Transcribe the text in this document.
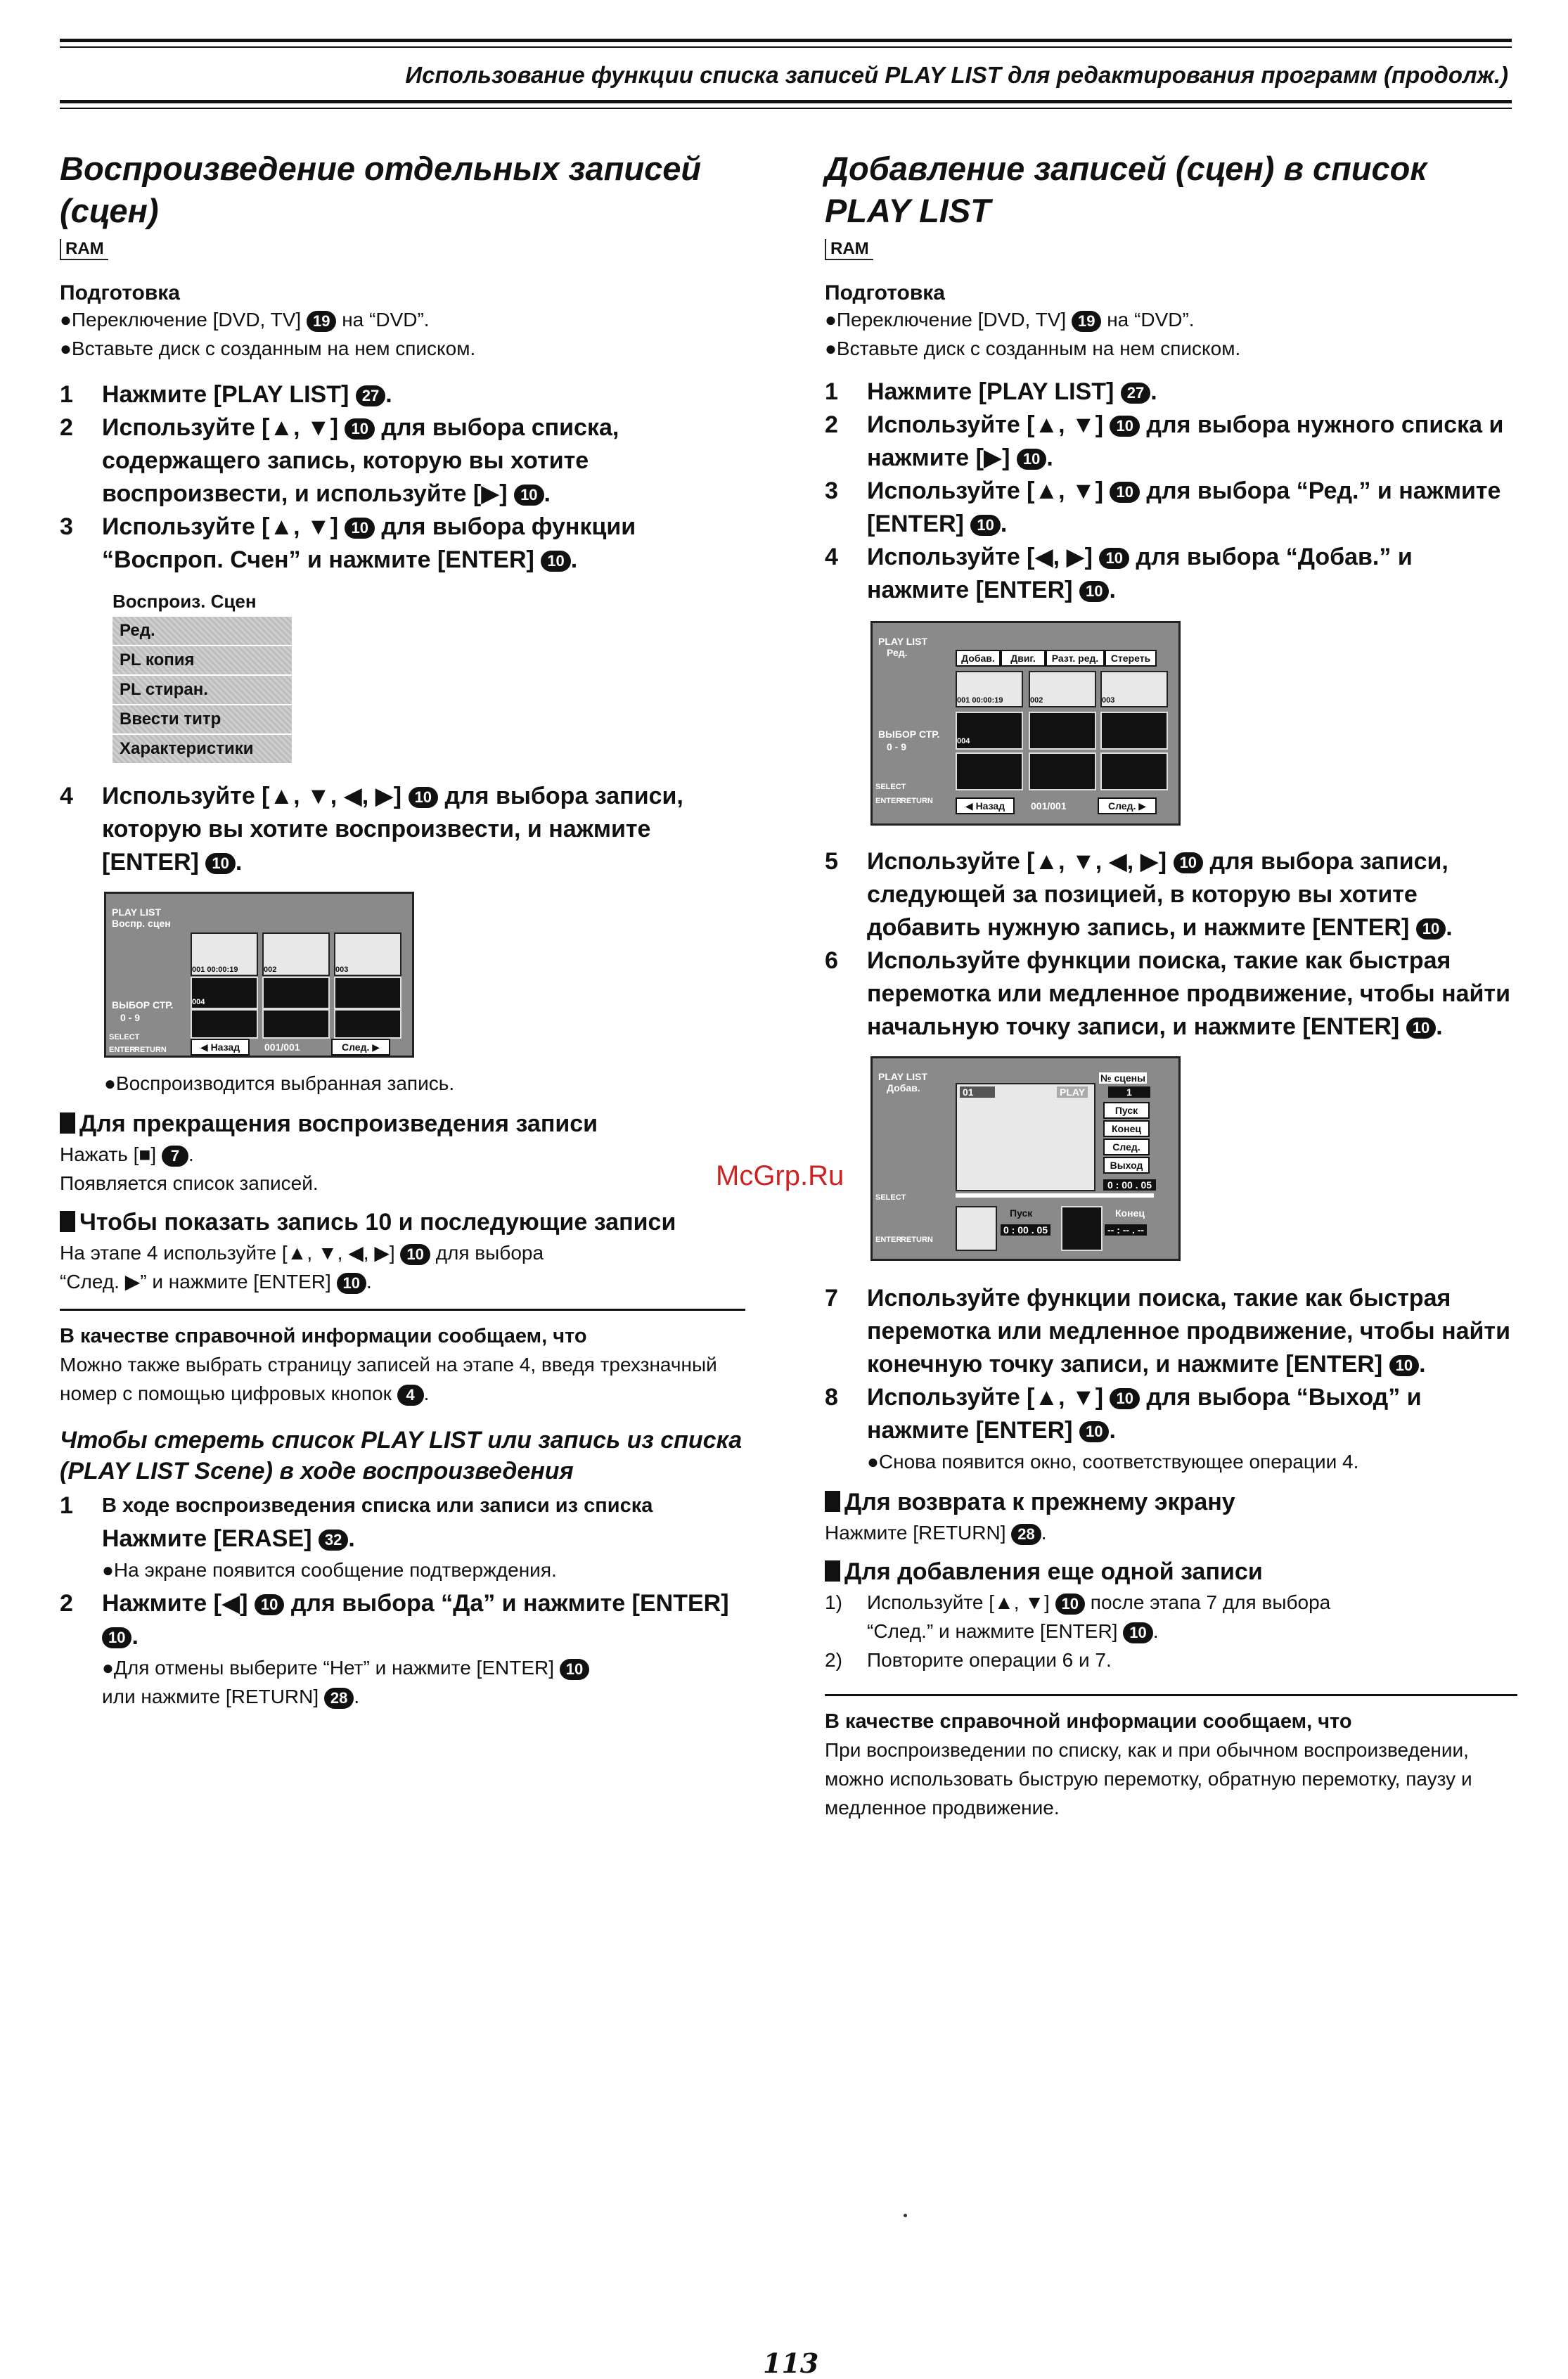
Использование функции списка записей PLAY LIST для редактирования программ (продолж.)
Воспроизведение отдельных записей (сцен)
RAM
Подготовка
●Переключение [DVD, TV] 19 на “DVD”.
●Вставьте диск с созданным на нем списком.
1 Нажмите [PLAY LIST] 27 .
2 Используйте [▲, ▼] 10 для выбора списка, содержащего запись, которую вы хотите воспроизвести, и используйте [▶] 10 .
3 Используйте [▲, ▼] 10 для выбора функции “Воспроп. Счен” и нажмите [ENTER] 10 .
Воспроиз. Сцен
Ред.
PL копия
PL стиран.
Ввести титр
Характеристики
4 Используйте [▲, ▼, ◀, ▶] 10 для выбора записи, которую вы хотите воспроизвести, и нажмите [ENTER] 10 .
PLAY LIST
Воспр. сцен
ВЫБОР СТР.
0 - 9
SELECT
ENTER
RETURN
001 00:00:19	002	003
004
◀ Назад	001/001	След. ▶
●Воспроизводится выбранная запись.
Для прекращения воспроизведения записи
Нажать [■] 7 .
Появляется список записей.
Чтобы показать запись 10 и последующие записи
На этапе 4 используйте [▲, ▼, ◀, ▶] 10 для выбора
“След. ▶” и нажмите [ENTER] 10 .
В качестве справочной информации сообщаем, что
Можно также выбрать страницу записей на этапе 4, введя трехзначный номер с помощью цифровых кнопок 4 .
Чтобы стереть список PLAY LIST или запись из списка (PLAY LIST Scene) в ходе воспроизведения
1 В ходе воспроизведения списка или записи из списка
Нажмите [ERASE] 32 .
●На экране появится сообщение подтверждения.
2 Нажмите [◀] 10 для выбора “Да” и нажмите [ENTER] 10 .
●Для отмены выберите “Нет” и нажмите [ENTER] 10
или нажмите [RETURN] 28 .
Добавление записей (сцен) в список PLAY LIST
RAM
Подготовка
●Переключение [DVD, TV] 19 на “DVD”.
●Вставьте диск с созданным на нем списком.
1 Нажмите [PLAY LIST] 27 .
2 Используйте [▲, ▼] 10 для выбора нужного списка и нажмите [▶] 10 .
3 Используйте [▲, ▼] 10 для выбора “Ред.” и нажмите [ENTER] 10 .
4 Используйте [◀, ▶] 10 для выбора “Добав.” и нажмите [ENTER] 10 .
PLAY LIST
Ред.	Добав.	Двиг.	Разт. ред.	Стереть
ВЫБОР СТР.
0 - 9
SELECT
ENTER
RETURN
001 00:00:19	002	003
004
◀ Назад	001/001	След. ▶
5 Используйте [▲, ▼, ◀, ▶] 10 для выбора записи, следующей за позицией, в которую вы хотите добавить нужную запись, и нажмите [ENTER] 10 .
6 Используйте функции поиска, такие как быстрая перемотка или медленное продвижение, чтобы найти начальную точку записи, и нажмите [ENTER] 10 .
PLAY LIST
Добав.	01	PLAY
№ сцены
1
Пуск
Конец
След.
Выход
0 : 00 . 05
SELECT
ENTER
RETURN
Пуск
0 : 00 . 05
Конец
-- : -- . --
7 Используйте функции поиска, такие как быстрая перемотка или медленное продвижение, чтобы найти конечную точку записи, и нажмите [ENTER] 10 .
8 Используйте [▲, ▼] 10 для выбора “Выход” и нажмите [ENTER] 10 .
●Снова появится окно, соответствующее операции 4.
Для возврата к прежнему экрану
Нажмите [RETURN] 28 .
Для добавления еще одной записи
1) Используйте [▲, ▼] 10 после этапа 7 для выбора
“След.” и нажмите [ENTER] 10 .
2) Повторите операции 6 и 7.
В качестве справочной информации сообщаем, что
При воспроизведении по списку, как и при обычном воспроизведении, можно использовать быструю перемотку, обратную перемотку, паузу и медленное продвижение.
McGrp.Ru
113
